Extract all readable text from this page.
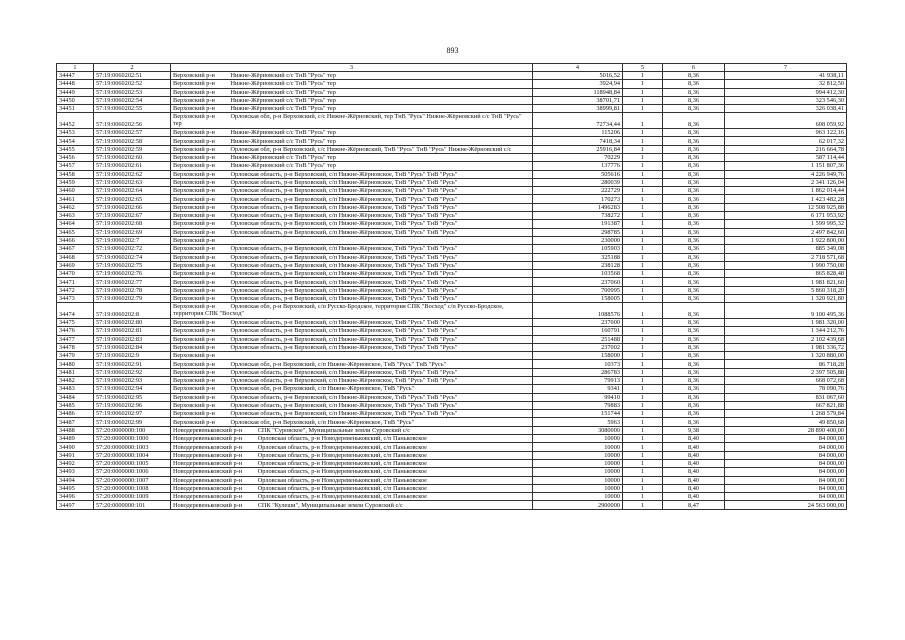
893
1	2	3	4	5	6	7
34447	57:19:0060202:51	Верховский р-н Нижне-Жёрновский с/с ТнВ "Русь" тер	5016,52	1	8,36	41 938,11
34448	57:19:0060202:52	Верховский р-н Нижне-Жёрновский с/с ТнВ "Русь" тер	3924,94	1	8,36	32 812,50
34449	57:19:0060202:53	Верховский р-н Нижне-Жёрновский с/с ТнВ "Русь" тер	118948,84	1	8,36	994 412,30
34450	57:19:0060202:54	Верховский р-н Нижне-Жёрновский с/с ТнВ "Русь" тер	38701,71	1	8,36	323 546,30
34451	57:19:0060202:55	Верховский р-н Нижне-Жёрновский с/с ТнВ "Русь" тер	38999,81	1	8,36	326 038,41
34452	57:19:0060202:56	Верховский р-н Орловская обл, р-н Верховский, с/с Нижне-Жёрновский, тер ТнВ "Русь" Нижне-Жёрновский с/с ТнВ "Русь" тер	72734,44	1	8,36	608 059,92
34453	57:19:0060202:57	Верховский р-н Нижне-Жёрновский с/с ТнВ "Русь" тер	115206	1	8,36	963 122,16
34454	57:19:0060202:58	Верховский р-н Нижне-Жёрновский с/с ТнВ "Русь" тер	7418,34	1	8,36	62 017,32
34455	57:19:0060202:59	Верховский р-н Орловская обл, р-н Верховский, с/с Нижне-Жёрновский, ТнВ "Русь" ТнВ "Русь" Нижне-Жёрновский с/с	25916,84	1	8,36	216 664,78
34456	57:19:0060202:60	Верховский р-н Нижне-Жёрновский с/с ТнВ "Русь" тер	70229	1	8,36	587 114,44
34457	57:19:0060202:61	Верховский р-н Нижне-Жёрновский с/с ТнВ "Русь" тер	137776	1	8,36	1 151 807,36
34458	57:19:0060202:62	Верховский р-н Орловская область, р-н Верховский, с/п Нижне-Жёрновское, ТнВ "Русь" ТнВ "Русь"	505616	1	8,36	4 226 949,76
34459	57:19:0060202:63	Верховский р-н Орловская область, р-н Верховский, с/п Нижне-Жёрновское, ТнВ "Русь" ТнВ "Русь"	280039	1	8,36	2 341 126,04
34460	57:19:0060202:64	Верховский р-н Орловская область, р-н Верховский, с/п Нижне-Жёрновское, ТнВ "Русь" ТнВ "Русь"	222729	1	8,36	1 862 014,44
34461	57:19:0060202:65	Верховский р-н Орловская область, р-н Верховский, с/п Нижне-Жёрновское, ТнВ "Русь" ТнВ "Русь"	170273	1	8,36	1 423 482,28
34462	57:19:0060202:66	Верховский р-н Орловская область, р-н Верховский, с/п Нижне-Жёрновское, ТнВ "Русь" ТнВ "Русь"	1496283	1	8,36	12 508 925,88
34463	57:19:0060202:67	Верховский р-н Орловская область, р-н Верховский, с/п Нижне-Жёрновское, ТнВ "Русь" ТнВ "Русь"	738272	1	8,36	6 171 953,92
34464	57:19:0060202:68	Верховский р-н Орловская область, р-н Верховский, с/п Нижне-Жёрновское, ТнВ "Русь" ТнВ "Русь"	191387	1	8,36	1 599 995,32
34465	57:19:0060202:69	Верховский р-н Орловская область, р-н Верховский, с/п Нижне-Жёрновское, ТнВ "Русь" ТнВ "Русь"	298785	1	8,36	2 497 842,60
34466	57:19:0060202:7	Верховский р-н	230000	1	8,36	1 922 800,00
34467	57:19:0060202:72	Верховский р-н Орловская область, р-н Верховский, с/п Нижне-Жёрновское, ТнВ "Русь" ТнВ "Русь"	105903	1	8,36	885 349,08
34468	57:19:0060202:74	Верховский р-н Орловская область, р-н Верховский, с/п Нижне-Жёрновское, ТнВ "Русь" ТнВ "Русь"	325188	1	8,36	2 718 571,68
34469	57:19:0060202:75	Верховский р-н Орловская область, р-н Верховский, с/п Нижне-Жёрновское, ТнВ "Русь" ТнВ "Русь"	238128	1	8,36	1 990 750,08
34470	57:19:0060202:76	Верховский р-н Орловская область, р-н Верховский, с/п Нижне-Жёрновское, ТнВ "Русь" ТнВ "Русь"	103568	1	8,36	865 828,48
34471	57:19:0060202:77	Верховский р-н Орловская область, р-н Верховский, с/п Нижне-Жёрновское, ТнВ "Русь" ТнВ "Русь"	237060	1	8,36	1 981 821,60
34472	57:19:0060202:78	Верховский р-н Орловская область, р-н Верховский, с/п Нижне-Жёрновское, ТнВ "Русь" ТнВ "Русь"	700995	1	8,36	5 860 318,20
34473	57:19:0060202:79	Верховский р-н Орловская область, р-н Верховский, с/п Нижне-Жёрновское, ТнВ "Русь" ТнВ "Русь"	158005	1	8,36	1 320 921,80
34474	57:19:0060202:8	Верховский р-н Орловская обл, р-н Верховский, с/п Русско-Бродское, территория СПК "Восход" с/п Русско-Бродское, территория СПК "Восход"	1088576	1	8,36	9 100 495,36
34475	57:19:0060202:80	Верховский р-н Орловская область, р-н Верховский, с/п Нижне-Жёрновское, ТнВ "Русь" ТнВ "Русь"	237000	1	8,36	1 981 320,00
34476	57:19:0060202:81	Верховский р-н Орловская область, р-н Верховский, с/п Нижне-Жёрновское, ТнВ "Русь" ТнВ "Русь"	160791	1	8,36	1 344 212,76
34477	57:19:0060202:83	Верховский р-н Орловская область, р-н Верховский, с/п Нижне-Жёрновское, ТнВ "Русь" ТнВ "Русь"	251488	1	8,36	2 102 439,68
34478	57:19:0060202:84	Верховский р-н Орловская область, р-н Верховский, с/п Нижне-Жёрновское, ТнВ "Русь" ТнВ "Русь"	237002	1	8,36	1 981 336,72
34479	57:19:0060202:9	Верховский р-н	158000	1	8,36	1 320 880,00
34480	57:19:0060202:91	Верховский р-н Орловская обл, р-н Верховский, с/п Нижне-Жёрновское, ТнВ "Русь" ТнВ "Русь"	10373	1	8,36	86 718,28
34481	57:19:0060202:92	Верховский р-н Орловская область, р-н Верховский, с/п Нижне-Жёрновское, ТнВ "Русь" ТнВ "Русь"	286783	1	8,36	2 397 505,88
34482	57:19:0060202:93	Верховский р-н Орловская область, р-н Верховский, с/п Нижне-Жёрновское, ТнВ "Русь" ТнВ "Русь"	79913	1	8,36	668 072,68
34483	57:19:0060202:94	Верховский р-н Орловская обл, р-н Верховский, с/п Нижне-Жёрновское, ТнВ "Русь"	9341	1	8,36	78 090,76
34484	57:19:0060202:95	Верховский р-н Орловская область, р-н Верховский, с/п Нижне-Жёрновское, ТнВ "Русь" ТнВ "Русь"	99410	1	8,36	831 067,60
34485	57:19:0060202:96	Верховский р-н Орловская область, р-н Верховский, с/п Нижне-Жёрновское, ТнВ "Русь" ТнВ "Русь"	79883	1	8,36	667 821,88
34486	57:19:0060202:97	Верховский р-н Орловская область, р-н Верховский, с/п Нижне-Жёрновское, ТнВ "Русь" ТнВ "Русь"	151744	1	8,36	1 268 579,84
34487	57:19:0060202:99	Верховский р-н Орловская обл, р-н Верховский, с/п Нижне-Жёрновское, ТнВ "Русь"	5963	1	8,36	49 850,68
34488	57:20:0000000:100	Новодеревеньковский р-н СПК "Суровское", Муниципальные земли Суровский с/с	3080000	1	9,38	28 890 400,00
34489	57:20:0000000:1000	Новодеревеньковский р-н Орловская область, р-н Новодеревеньковский, с/п Паньковское	10000	1	8,40	84 000,00
34490	57:20:0000000:1003	Новодеревеньковский р-н Орловская область, р-н Новодеревеньковский, с/п Паньковское	10000	1	8,40	84 000,00
34491	57:20:0000000:1004	Новодеревеньковский р-н Орловская область, р-н Новодеревеньковский, с/п Паньковское	10000	1	8,40	84 000,00
34492	57:20:0000000:1005	Новодеревеньковский р-н Орловская область, р-н Новодеревеньковский, с/п Паньковское	10000	1	8,40	84 000,00
34493	57:20:0000000:1006	Новодеревеньковский р-н Орловская область, р-н Новодеревеньковский, с/п Паньковское	10000	1	8,40	84 000,00
34494	57:20:0000000:1007	Новодеревеньковский р-н Орловская область, р-н Новодеревеньковский, с/п Паньковское	10000	1	8,40	84 000,00
34495	57:20:0000000:1008	Новодеревеньковский р-н Орловская область, р-н Новодеревеньковский, с/п Паньковское	10000	1	8,40	84 000,00
34496	57:20:0000000:1009	Новодеревеньковский р-н Орловская область, р-н Новодеревеньковский, с/п Паньковское	10000	1	8,40	84 000,00
34497	57:20:0000000:101	Новодеревеньковский р-н СПК "Кулеши", Муниципальные земли Суровский с/с	2900000	1	8,47	24 563 000,00
